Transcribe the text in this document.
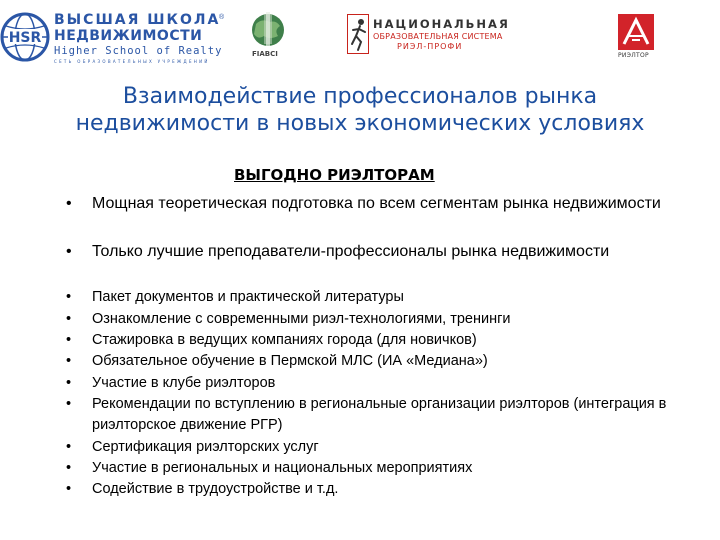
HSR
ВЫСШАЯ ШКОЛА
НЕДВИЖИМОСТИ
Higher School of Realty
СЕТЬ ОБРАЗОВАТЕЛЬНЫХ УЧРЕЖДЕНИЙ
®
FIABCI
НАЦИОНАЛЬНАЯ
ОБРАЗОВАТЕЛЬНАЯ СИСТЕМА
РИЭЛ-ПРОФИ
РИЭЛТОР
Взаимодействие профессионалов рынка
недвижимости в новых экономических условиях
ВЫГОДНО РИЭЛТОРАМ
• Мощная теоретическая подготовка по всем сегментам рынка недвижимости
• Только лучшие преподаватели-профессионалы рынка недвижимости
• Пакет документов и практической литературы
• Ознакомление с современными риэл-технологиями, тренинги
• Стажировка в ведущих компаниях города (для новичков)
• Обязательное обучение в Пермской МЛС (ИА «Медиана»)
• Участие в клубе риэлторов
• Рекомендации по вступлению в региональные организации риэлторов (интеграция в риэлторское движение РГР)
• Сертификация риэлторских услуг
• Участие в региональных и национальных мероприятиях
• Содействие в трудоустройстве и т.д.
